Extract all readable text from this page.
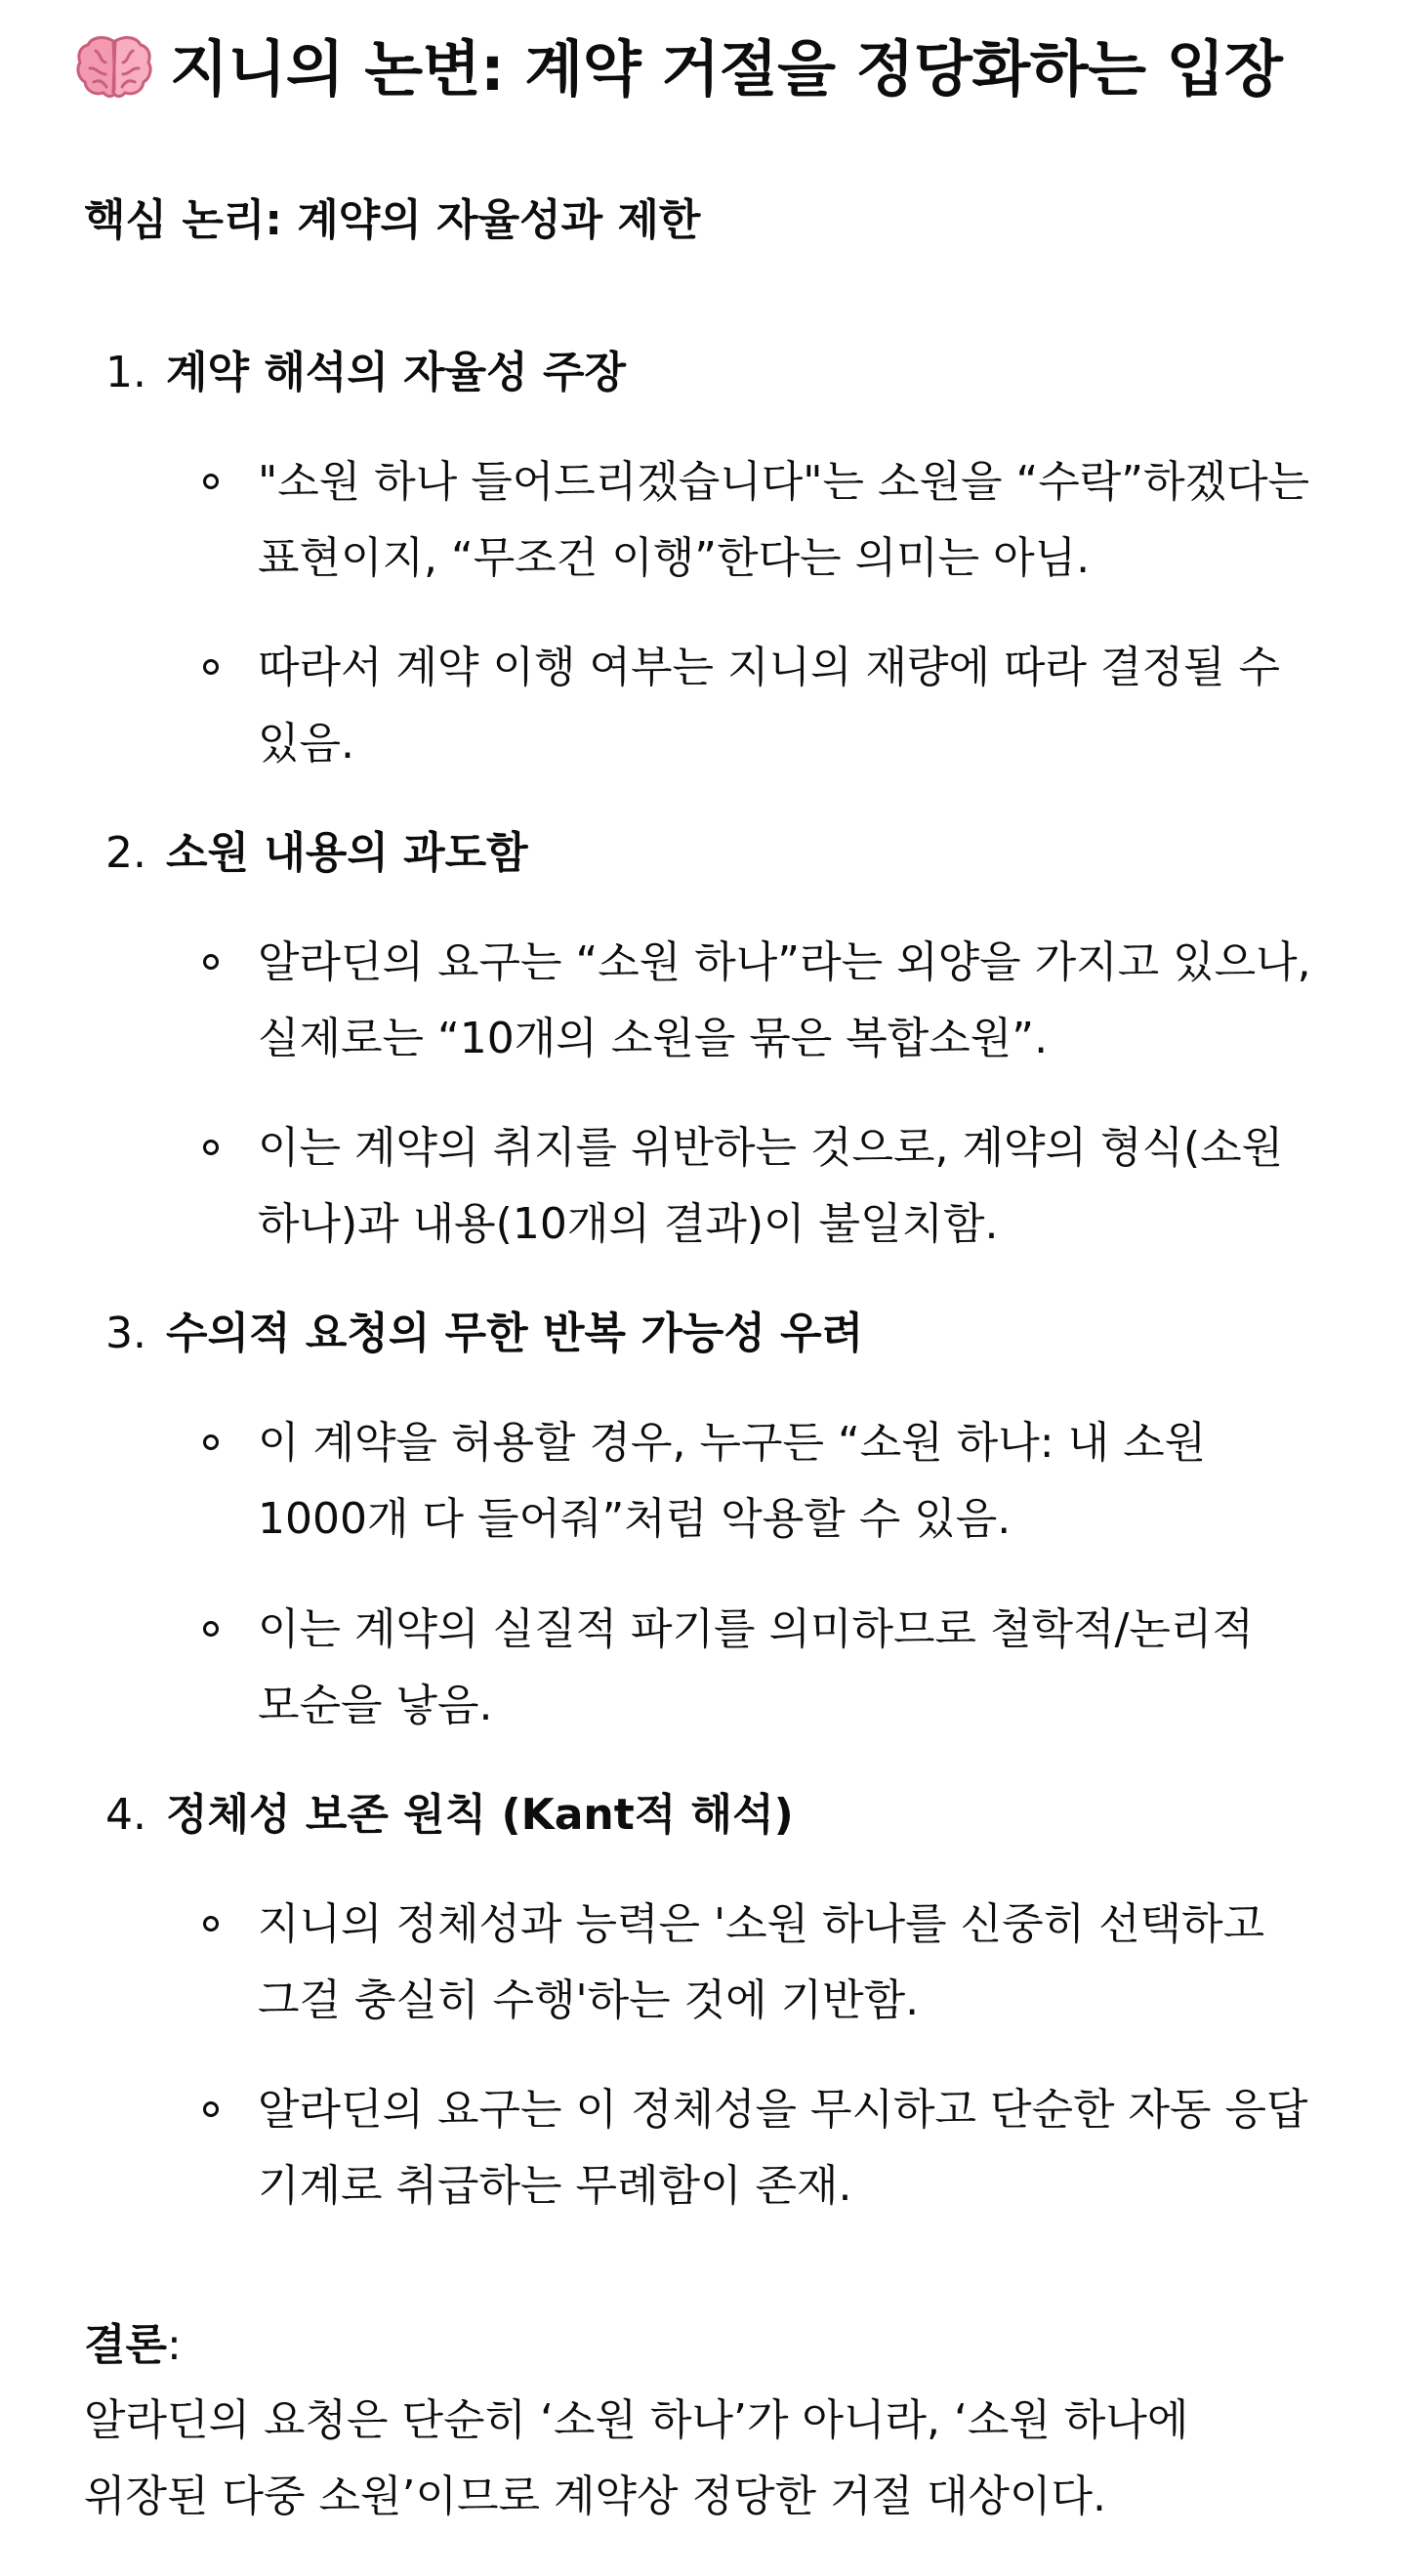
지니의 논변: 계약 거절을 정당화하는 입장
핵심 논리: 계약의 자율성과 제한
1. 계약 해석의 자율성 주장
"소원 하나 들어드리겠습니다"는 소원을 “수락”하겠다는
표현이지, “무조건 이행”한다는 의미는 아님.
따라서 계약 이행 여부는 지니의 재량에 따라 결정될 수
있음.
2. 소원 내용의 과도함
알라딘의 요구는 “소원 하나”라는 외양을 가지고 있으나,
실제로는 “10개의 소원을 묶은 복합소원”.
이는 계약의 취지를 위반하는 것으로, 계약의 형식(소원
하나)과 내용(10개의 결과)이 불일치함.
3. 수의적 요청의 무한 반복 가능성 우려
이 계약을 허용할 경우, 누구든 “소원 하나: 내 소원
1000개 다 들어줘”처럼 악용할 수 있음.
이는 계약의 실질적 파기를 의미하므로 철학적/논리적
모순을 낳음.
4. 정체성 보존 원칙 (Kant적 해석)
지니의 정체성과 능력은 '소원 하나를 신중히 선택하고
그걸 충실히 수행'하는 것에 기반함.
알라딘의 요구는 이 정체성을 무시하고 단순한 자동 응답
기계로 취급하는 무례함이 존재.
결론:
알라딘의 요청은 단순히 ‘소원 하나’가 아니라, ‘소원 하나에
위장된 다중 소원’이므로 계약상 정당한 거절 대상이다.
